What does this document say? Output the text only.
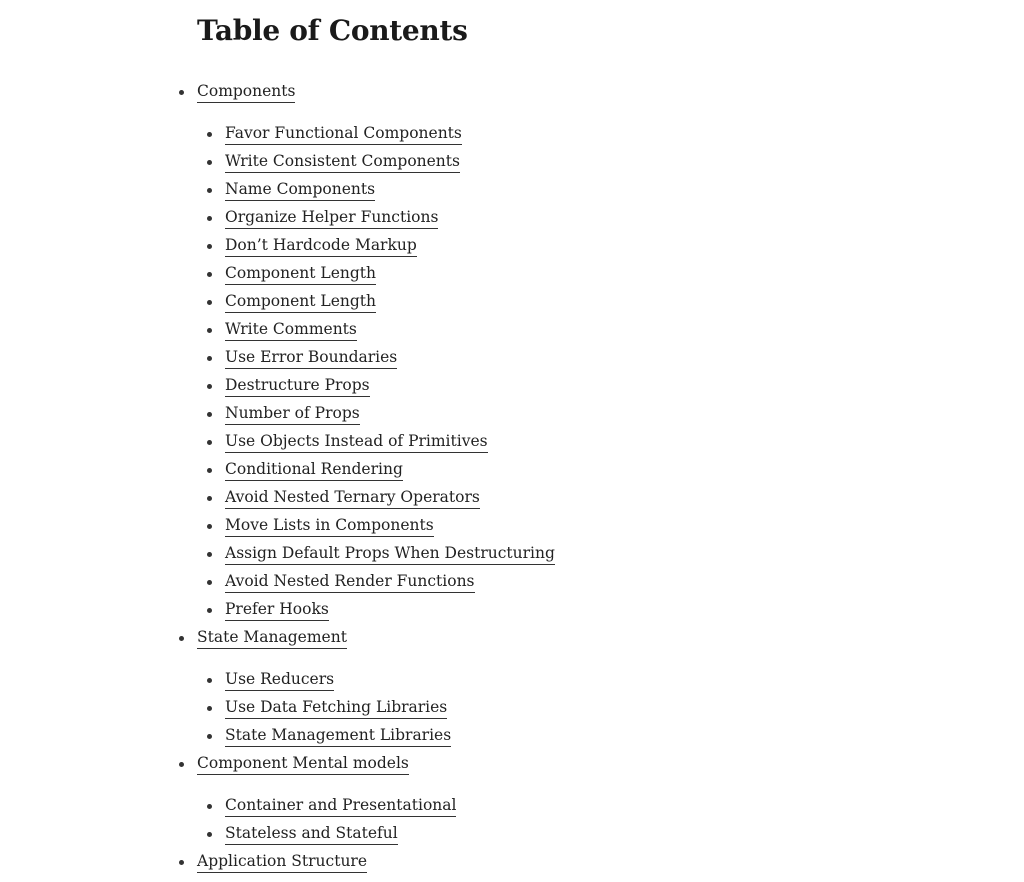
Table of Contents
Components
Favor Functional Components
Write Consistent Components
Name Components
Organize Helper Functions
Don’t Hardcode Markup
Component Length
Component Length
Write Comments
Use Error Boundaries
Destructure Props
Number of Props
Use Objects Instead of Primitives
Conditional Rendering
Avoid Nested Ternary Operators
Move Lists in Components
Assign Default Props When Destructuring
Avoid Nested Render Functions
Prefer Hooks
State Management
Use Reducers
Use Data Fetching Libraries
State Management Libraries
Component Mental models
Container and Presentational
Stateless and Stateful
Application Structure
